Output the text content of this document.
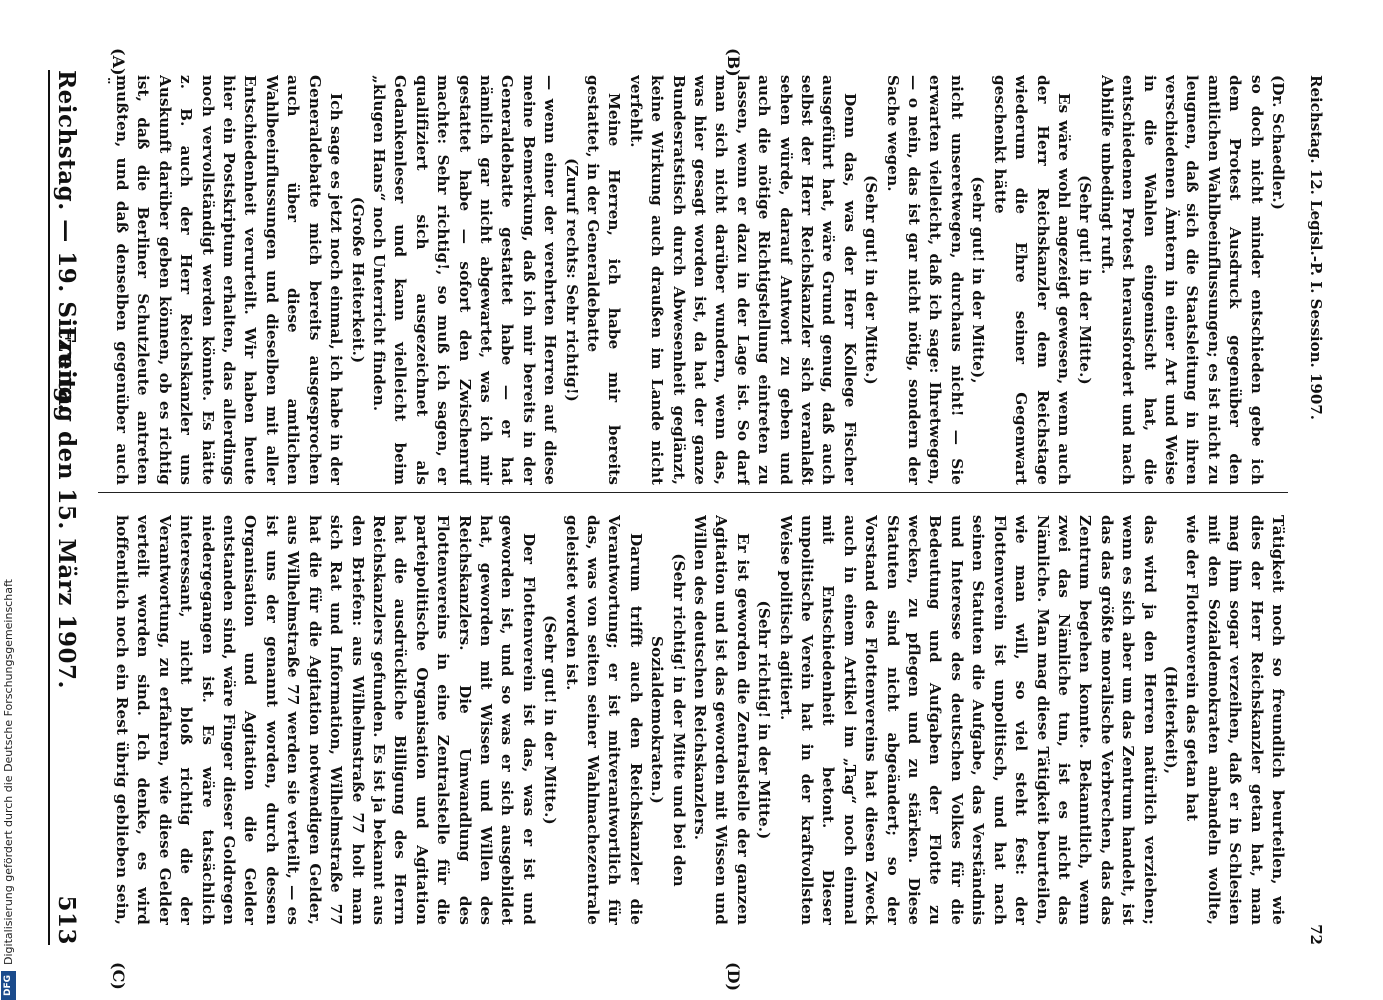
Reichstag. — 19. Sitzung.
Freitag den 15. März 1907.
513

(Dr. Schaedler.)

so doch nicht minder entschieden gebe ich dem Protest Ausdruck gegenüber den amtlichen Wahlbeeinflussungen; es ist nicht zu leugnen, daß sich die Staatsleitung in ihren verschiedenen Ämtern in einer Art und Weise in die Wahlen eingemischt hat, die entschiedenen Protest herausfordert und nach Abhilfe unbedingt ruft.

(Sehr gut! in der Mitte.)

Es wäre wohl angezeigt gewesen, wenn auch der Herr Reichskanzler dem Reichstage wiederum die Ehre seiner Gegenwart geschenkt hätte

(sehr gut! in der Mitte),

nicht unseretwegen, durchaus nicht! — Sie erwarten vielleicht, daß ich sage: Ihretwegen, — o nein, das ist gar nicht nötig, sondern der Sache wegen.

(Sehr gut! in der Mitte.)

Denn das, was der Herr Kollege Fischer ausgeführt hat, wäre Grund genug, daß auch selbst der Herr Reichskanzler sich veranlaßt sehen würde, darauf Antwort zu geben und auch die nötige Richtigstellung eintreten zu lassen, wenn er dazu in der Lage ist. So darf man sich nicht darüber wundern, wenn das, was hier gesagt worden ist, da hat der ganze Bundesratstisch durch Abwesenheit geglänzt, keine Wirkung auch draußen im Lande nicht verfehlt.

Meine Herren, ich habe mir bereits gestattet, in der Generaldebatte

(Zuruf rechts: Sehr richtig!)

— wenn einer der verehrten Herren auf diese meine Bemerkung, daß ich mir bereits in der Generaldebatte gestattet habe — er hat nämlich gar nicht abgewartet, was ich mir gestattet habe — sofort den Zwischenruf machte: Sehr richtig!, so muß ich sagen, er qualifiziert sich ausgezeichnet als Gedankenleser und kann vielleicht beim „klugen Hans“ noch Unterricht finden.

(Große Heiterkeit.)

Ich sage es jetzt noch einmal, ich habe in der Generaldebatte mich bereits ausgesprochen auch über diese amtlichen Wahlbeeinflussungen und dieselben mit aller Entschiedenheit verurteilt. Wir haben heute hier ein Postskriptum erhalten, das allerdings noch vervollständigt werden könnte. Es hätte z. B. auch der Herr Reichskanzler uns Auskunft darüber geben können, ob es richtig ist, daß die Berliner Schutzleute antreten mußten, und daß denselben gegenüber auch

Tätigkeit noch so freundlich beurteilen, wie dies der Herr Reichskanzler getan hat, man mag ihm sogar verzeihen, daß er in Schlesien mit den Sozialdemokraten anbandeln wollte, wie der Flottenverein das getan hat

(Heiterkeit),

das wird ja den Herren natürlich verziehen; wenn es sich aber um das Zentrum handelt, ist das das größte moralische Verbrechen, das das Zentrum begehen konnte. Bekanntlich, wenn zwei das Nämliche tun, ist es nicht das Nämliche. Man mag diese Tätigkeit beurteilen, wie man will, so viel steht fest: der Flottenverein ist unpolitisch, und hat nach seinen Statuten die Aufgabe, das Verständnis und Interesse des deutschen Volkes für die Bedeutung und Aufgaben der Flotte zu wecken, zu pflegen und zu stärken. Diese Statuten sind nicht abgeändert; so der Vorstand des Flottenvereins hat diesen Zweck auch in einem Artikel im „Tag“ noch einmal mit Entschiedenheit betont. Dieser unpolitische Verein hat in der kraftvollsten Weise politisch agitiert.

(Sehr richtig! in der Mitte.)

Er ist geworden die Zentralstelle der ganzen Agitation und ist das geworden mit Wissen und Willen des deutschen Reichskanzlers.

(Sehr richtig! in der Mitte und bei den Sozialdemokraten.)

Darum trifft auch den Reichskanzler die Verantwortung; er ist mitverantwortlich für das, was von seiten seiner Wahlmachezentrale geleistet worden ist.

(Sehr gut! in der Mitte.)

Der Flottenverein ist das, was er ist und geworden ist, und so was er sich ausgebildet hat, geworden mit Wissen und Willen des Reichskanzlers. Die Umwandlung des Flottenvereins in eine Zentralstelle für die parteipolitische Organisation und Agitation hat die ausdrückliche Billigung des Herrn Reichskanzlers gefunden. Es ist ja bekannt aus den Briefen: aus Wilhelmstraße 77 holt man sich Rat und Information, Wilhelmstraße 77 hat die für die Agitation notwendigen Gelder, aus Wilhelmstraße 77 werden sie verteilt, — es ist uns der genannt worden, durch dessen Organisation und Agitation die Gelder entstanden sind, wäre Finger dieser Goldregen niedergegangen ist. Es wäre tatsächlich interessant, nicht bloß richtig die der Verantwortung, zu erfahren, wie diese Gelder verteilt worden sind. Ich denke, es wird hoffentlich noch ein Rest übrig geblieben sein,

(A)	(B)
(C)	(D)
Reichstag. 12. Legisl.-P. I. Session. 1907.
72
DFG
Digitalisierung gefördert durch die Deutsche Forschungsgemeinschaft
